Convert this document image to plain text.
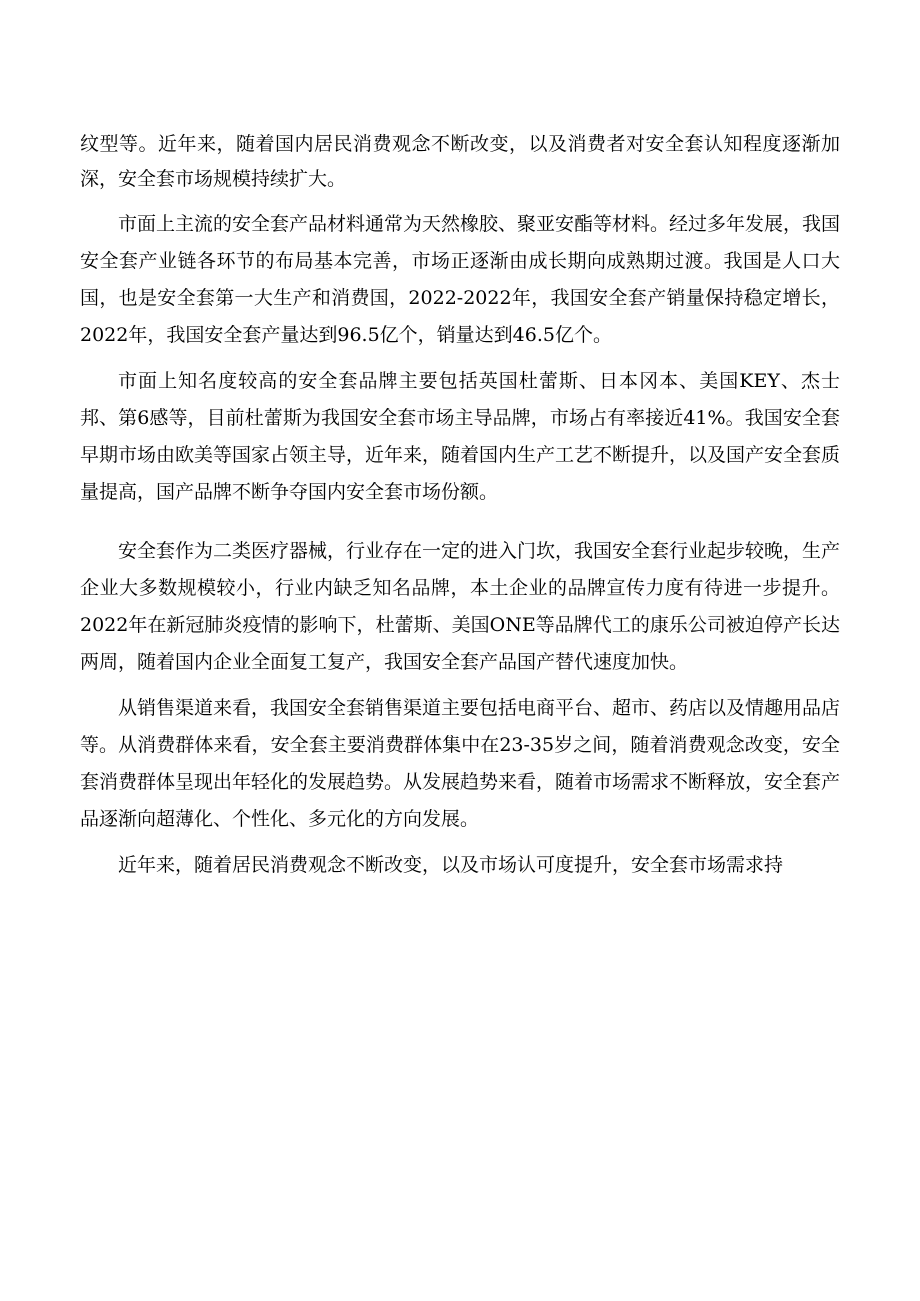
纹型等。近年来，随着国内居民消费观念不断改变，以及消费者对安全套认知程度逐渐加深，安全套市场规模持续扩大。

市面上主流的安全套产品材料通常为天然橡胶、聚亚安酯等材料。经过多年发展，我国安全套产业链各环节的布局基本完善，市场正逐渐由成长期向成熟期过渡。我国是人口大国，也是安全套第一大生产和消费国，2022-2022年，我国安全套产销量保持稳定增长，2022年，我国安全套产量达到96.5亿个，销量达到46.5亿个。

市面上知名度较高的安全套品牌主要包括英国杜蕾斯、日本冈本、美国KEY、杰士邦、第6感等，目前杜蕾斯为我国安全套市场主导品牌，市场占有率接近41%。我国安全套早期市场由欧美等国家占领主导，近年来，随着国内生产工艺不断提升，以及国产安全套质量提高，国产品牌不断争夺国内安全套市场份额。

安全套作为二类医疗器械，行业存在一定的进入门坎，我国安全套行业起步较晚，生产企业大多数规模较小，行业内缺乏知名品牌，本土企业的品牌宣传力度有待进一步提升。2022年在新冠肺炎疫情的影响下，杜蕾斯、美国ONE等品牌代工的康乐公司被迫停产长达两周，随着国内企业全面复工复产，我国安全套产品国产替代速度加快。

从销售渠道来看，我国安全套销售渠道主要包括电商平台、超市、药店以及情趣用品店等。从消费群体来看，安全套主要消费群体集中在23-35岁之间，随着消费观念改变，安全套消费群体呈现出年轻化的发展趋势。从发展趋势来看，随着市场需求不断释放，安全套产品逐渐向超薄化、个性化、多元化的方向发展。

近年来，随着居民消费观念不断改变，以及市场认可度提升，安全套市场需求持
